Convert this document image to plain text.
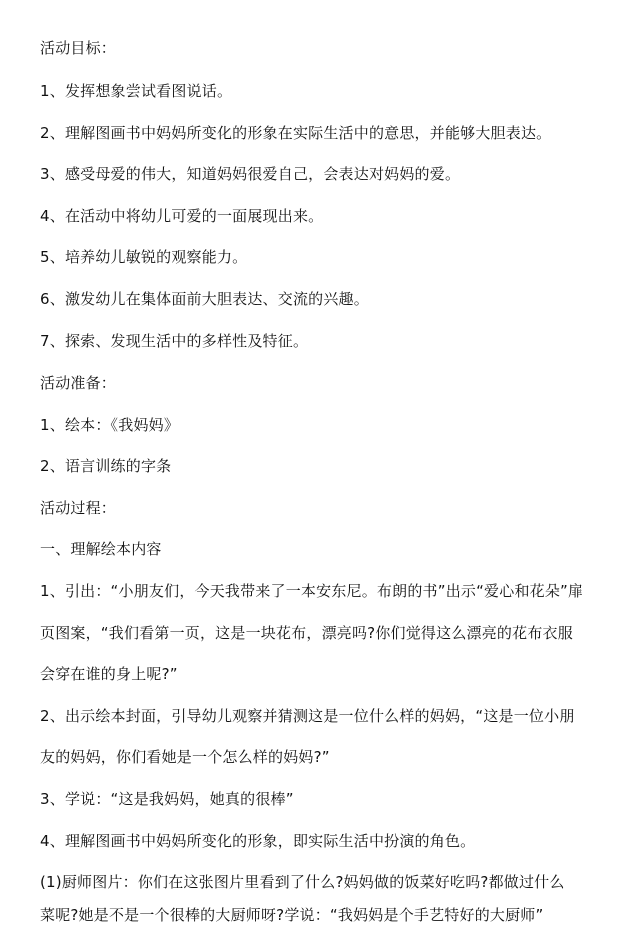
活动目标：
1、发挥想象尝试看图说话。
2、理解图画书中妈妈所变化的形象在实际生活中的意思，并能够大胆表达。
3、感受母爱的伟大，知道妈妈很爱自己，会表达对妈妈的爱。
4、在活动中将幼儿可爱的一面展现出来。
5、培养幼儿敏锐的观察能力。
6、激发幼儿在集体面前大胆表达、交流的兴趣。
7、探索、发现生活中的多样性及特征。
活动准备：
1、绘本：《我妈妈》
2、语言训练的字条
活动过程：
一、理解绘本内容
1、引出：“小朋友们，今天我带来了一本安东尼。布朗的书”出示“爱心和花朵”扉
页图案，“我们看第一页，这是一块花布，漂亮吗?你们觉得这么漂亮的花布衣服
会穿在谁的身上呢?”
2、出示绘本封面，引导幼儿观察并猜测这是一位什么样的妈妈，“这是一位小朋
友的妈妈，你们看她是一个怎么样的妈妈?”
3、学说：“这是我妈妈，她真的很棒”
4、理解图画书中妈妈所变化的形象，即实际生活中扮演的角色。
(1)厨师图片：你们在这张图片里看到了什么?妈妈做的饭菜好吃吗?都做过什么
菜呢?她是不是一个很棒的大厨师呀?学说：“我妈妈是个手艺特好的大厨师”
